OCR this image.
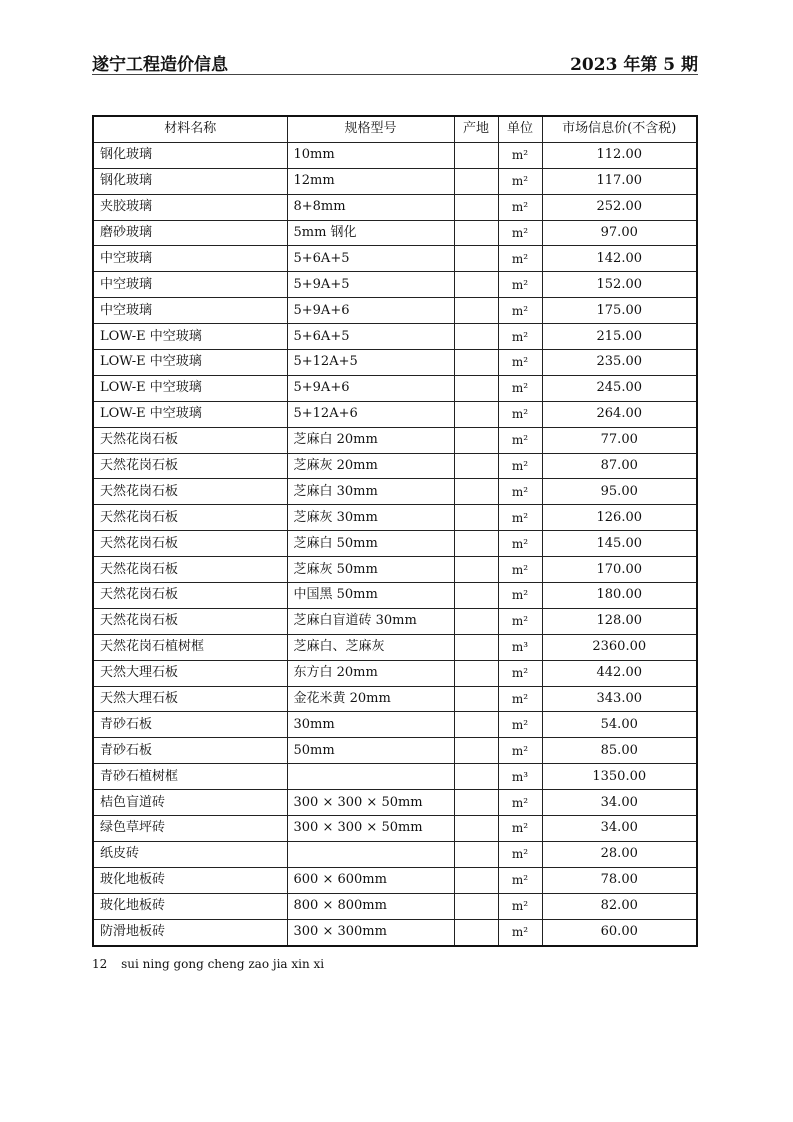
遂宁工程造价信息	2023 年第 5 期
材料名称	规格型号	产地	单位	市场信息价(不含税)
钢化玻璃	10mm		m²	112.00
钢化玻璃	12mm		m²	117.00
夹胶玻璃	8+8mm		m²	252.00
磨砂玻璃	5mm 钢化		m²	97.00
中空玻璃	5+6A+5		m²	142.00
中空玻璃	5+9A+5		m²	152.00
中空玻璃	5+9A+6		m²	175.00
LOW-E 中空玻璃	5+6A+5		m²	215.00
LOW-E 中空玻璃	5+12A+5		m²	235.00
LOW-E 中空玻璃	5+9A+6		m²	245.00
LOW-E 中空玻璃	5+12A+6		m²	264.00
天然花岗石板	芝麻白 20mm		m²	77.00
天然花岗石板	芝麻灰 20mm		m²	87.00
天然花岗石板	芝麻白 30mm		m²	95.00
天然花岗石板	芝麻灰 30mm		m²	126.00
天然花岗石板	芝麻白 50mm		m²	145.00
天然花岗石板	芝麻灰 50mm		m²	170.00
天然花岗石板	中国黑 50mm		m²	180.00
天然花岗石板	芝麻白盲道砖 30mm		m²	128.00
天然花岗石植树框	芝麻白、芝麻灰		m³	2360.00
天然大理石板	东方白 20mm		m²	442.00
天然大理石板	金花米黄 20mm		m²	343.00
青砂石板	30mm		m²	54.00
青砂石板	50mm		m²	85.00
青砂石植树框			m³	1350.00
桔色盲道砖	300 × 300 × 50mm		m²	34.00
绿色草坪砖	300 × 300 × 50mm		m²	34.00
纸皮砖			m²	28.00
玻化地板砖	600 × 600mm		m²	78.00
玻化地板砖	800 × 800mm		m²	82.00
防滑地板砖	300 × 300mm		m²	60.00
12 sui ning gong cheng zao jia xin xi
